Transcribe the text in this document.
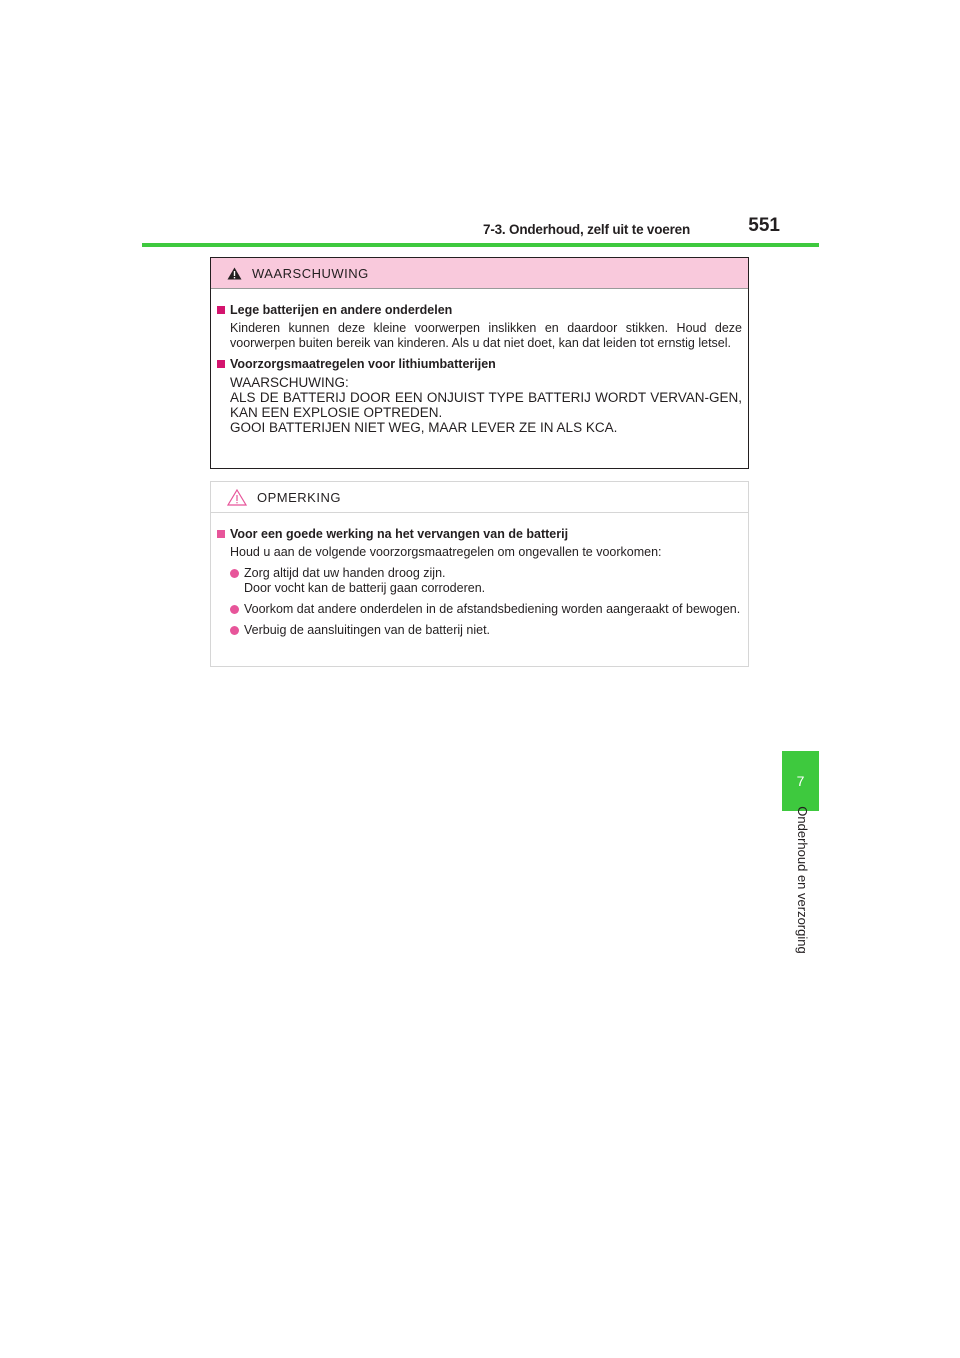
7-3. Onderhoud, zelf uit te voeren	551
7
Onderhoud en verzorging
WAARSCHUWING
Lege batterijen en andere onderdelen
Kinderen kunnen deze kleine voorwerpen inslikken en daardoor stikken. Houd deze voorwerpen buiten bereik van kinderen. Als u dat niet doet, kan dat leiden tot ernstig letsel.
Voorzorgsmaatregelen voor lithiumbatterijen
WAARSCHUWING:
ALS DE BATTERIJ DOOR EEN ONJUIST TYPE BATTERIJ WORDT VERVAN-GEN, KAN EEN EXPLOSIE OPTREDEN.
GOOI BATTERIJEN NIET WEG, MAAR LEVER ZE IN ALS KCA.
OPMERKING
Voor een goede werking na het vervangen van de batterij
Houd u aan de volgende voorzorgsmaatregelen om ongevallen te voorkomen:
Zorg altijd dat uw handen droog zijn.
Door vocht kan de batterij gaan corroderen.
Voorkom dat andere onderdelen in de afstandsbediening worden aangeraakt of bewogen.
Verbuig de aansluitingen van de batterij niet.
